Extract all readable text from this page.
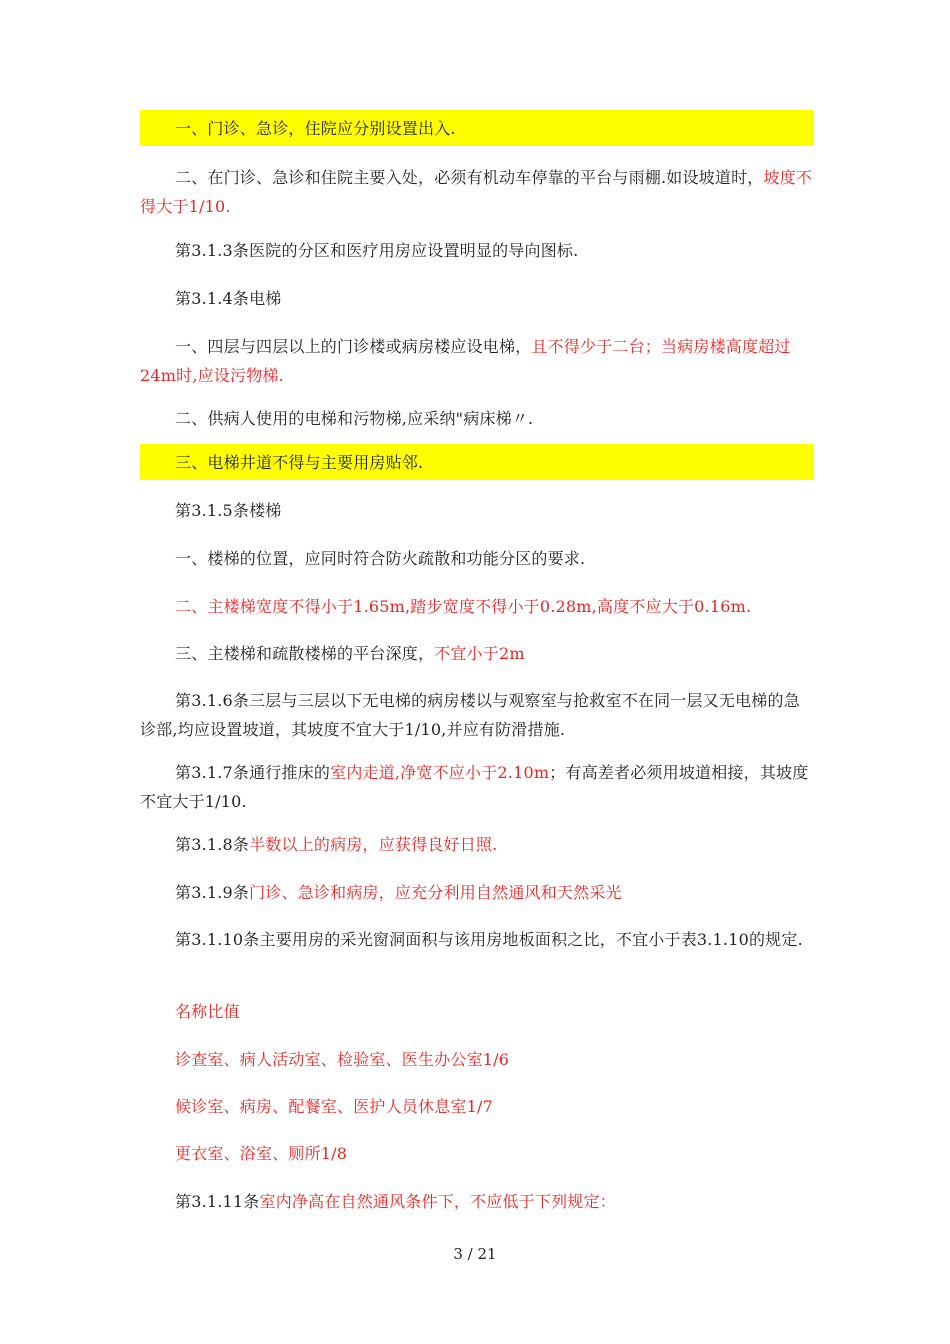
一、门诊、急诊，住院应分别设置出入.

二、在门诊、急诊和住院主要入处，必须有机动车停靠的平台与雨棚.如设坡道时，坡度不得大于1/10.

第3.1.3条医院的分区和医疗用房应设置明显的导向图标.

第3.1.4条电梯

一、四层与四层以上的门诊楼或病房楼应设电梯，且不得少于二台；当病房楼高度超过24m时,应设污物梯.

二、供病人使用的电梯和污物梯,应采纳"病床梯〃.

三、电梯井道不得与主要用房贴邻.

第3.1.5条楼梯

一、楼梯的位置，应同时符合防火疏散和功能分区的要求.

二、主楼梯宽度不得小于1.65m,踏步宽度不得小于0.28m,高度不应大于0.16m.

三、主楼梯和疏散楼梯的平台深度，不宜小于2m

第3.1.6条三层与三层以下无电梯的病房楼以与观察室与抢救室不在同一层又无电梯的急诊部,均应设置坡道，其坡度不宜大于1/10,并应有防滑措施.

第3.1.7条通行推床的室内走道,净宽不应小于2.10m；有高差者必须用坡道相接，其坡度不宜大于1/10.

第3.1.8条半数以上的病房，应获得良好日照.

第3.1.9条门诊、急诊和病房，应充分利用自然通风和天然采光

第3.1.10条主要用房的采光窗洞面积与该用房地板面积之比，不宜小于表3.1.10的规定.

名称比值

诊查室、病人活动室、检验室、医生办公室1/6

候诊室、病房、配餐室、医护人员休息室1/7

更衣室、浴室、厕所1/8

第3.1.11条室内净高在自然通风条件下，不应低于下列规定：

3 / 21
